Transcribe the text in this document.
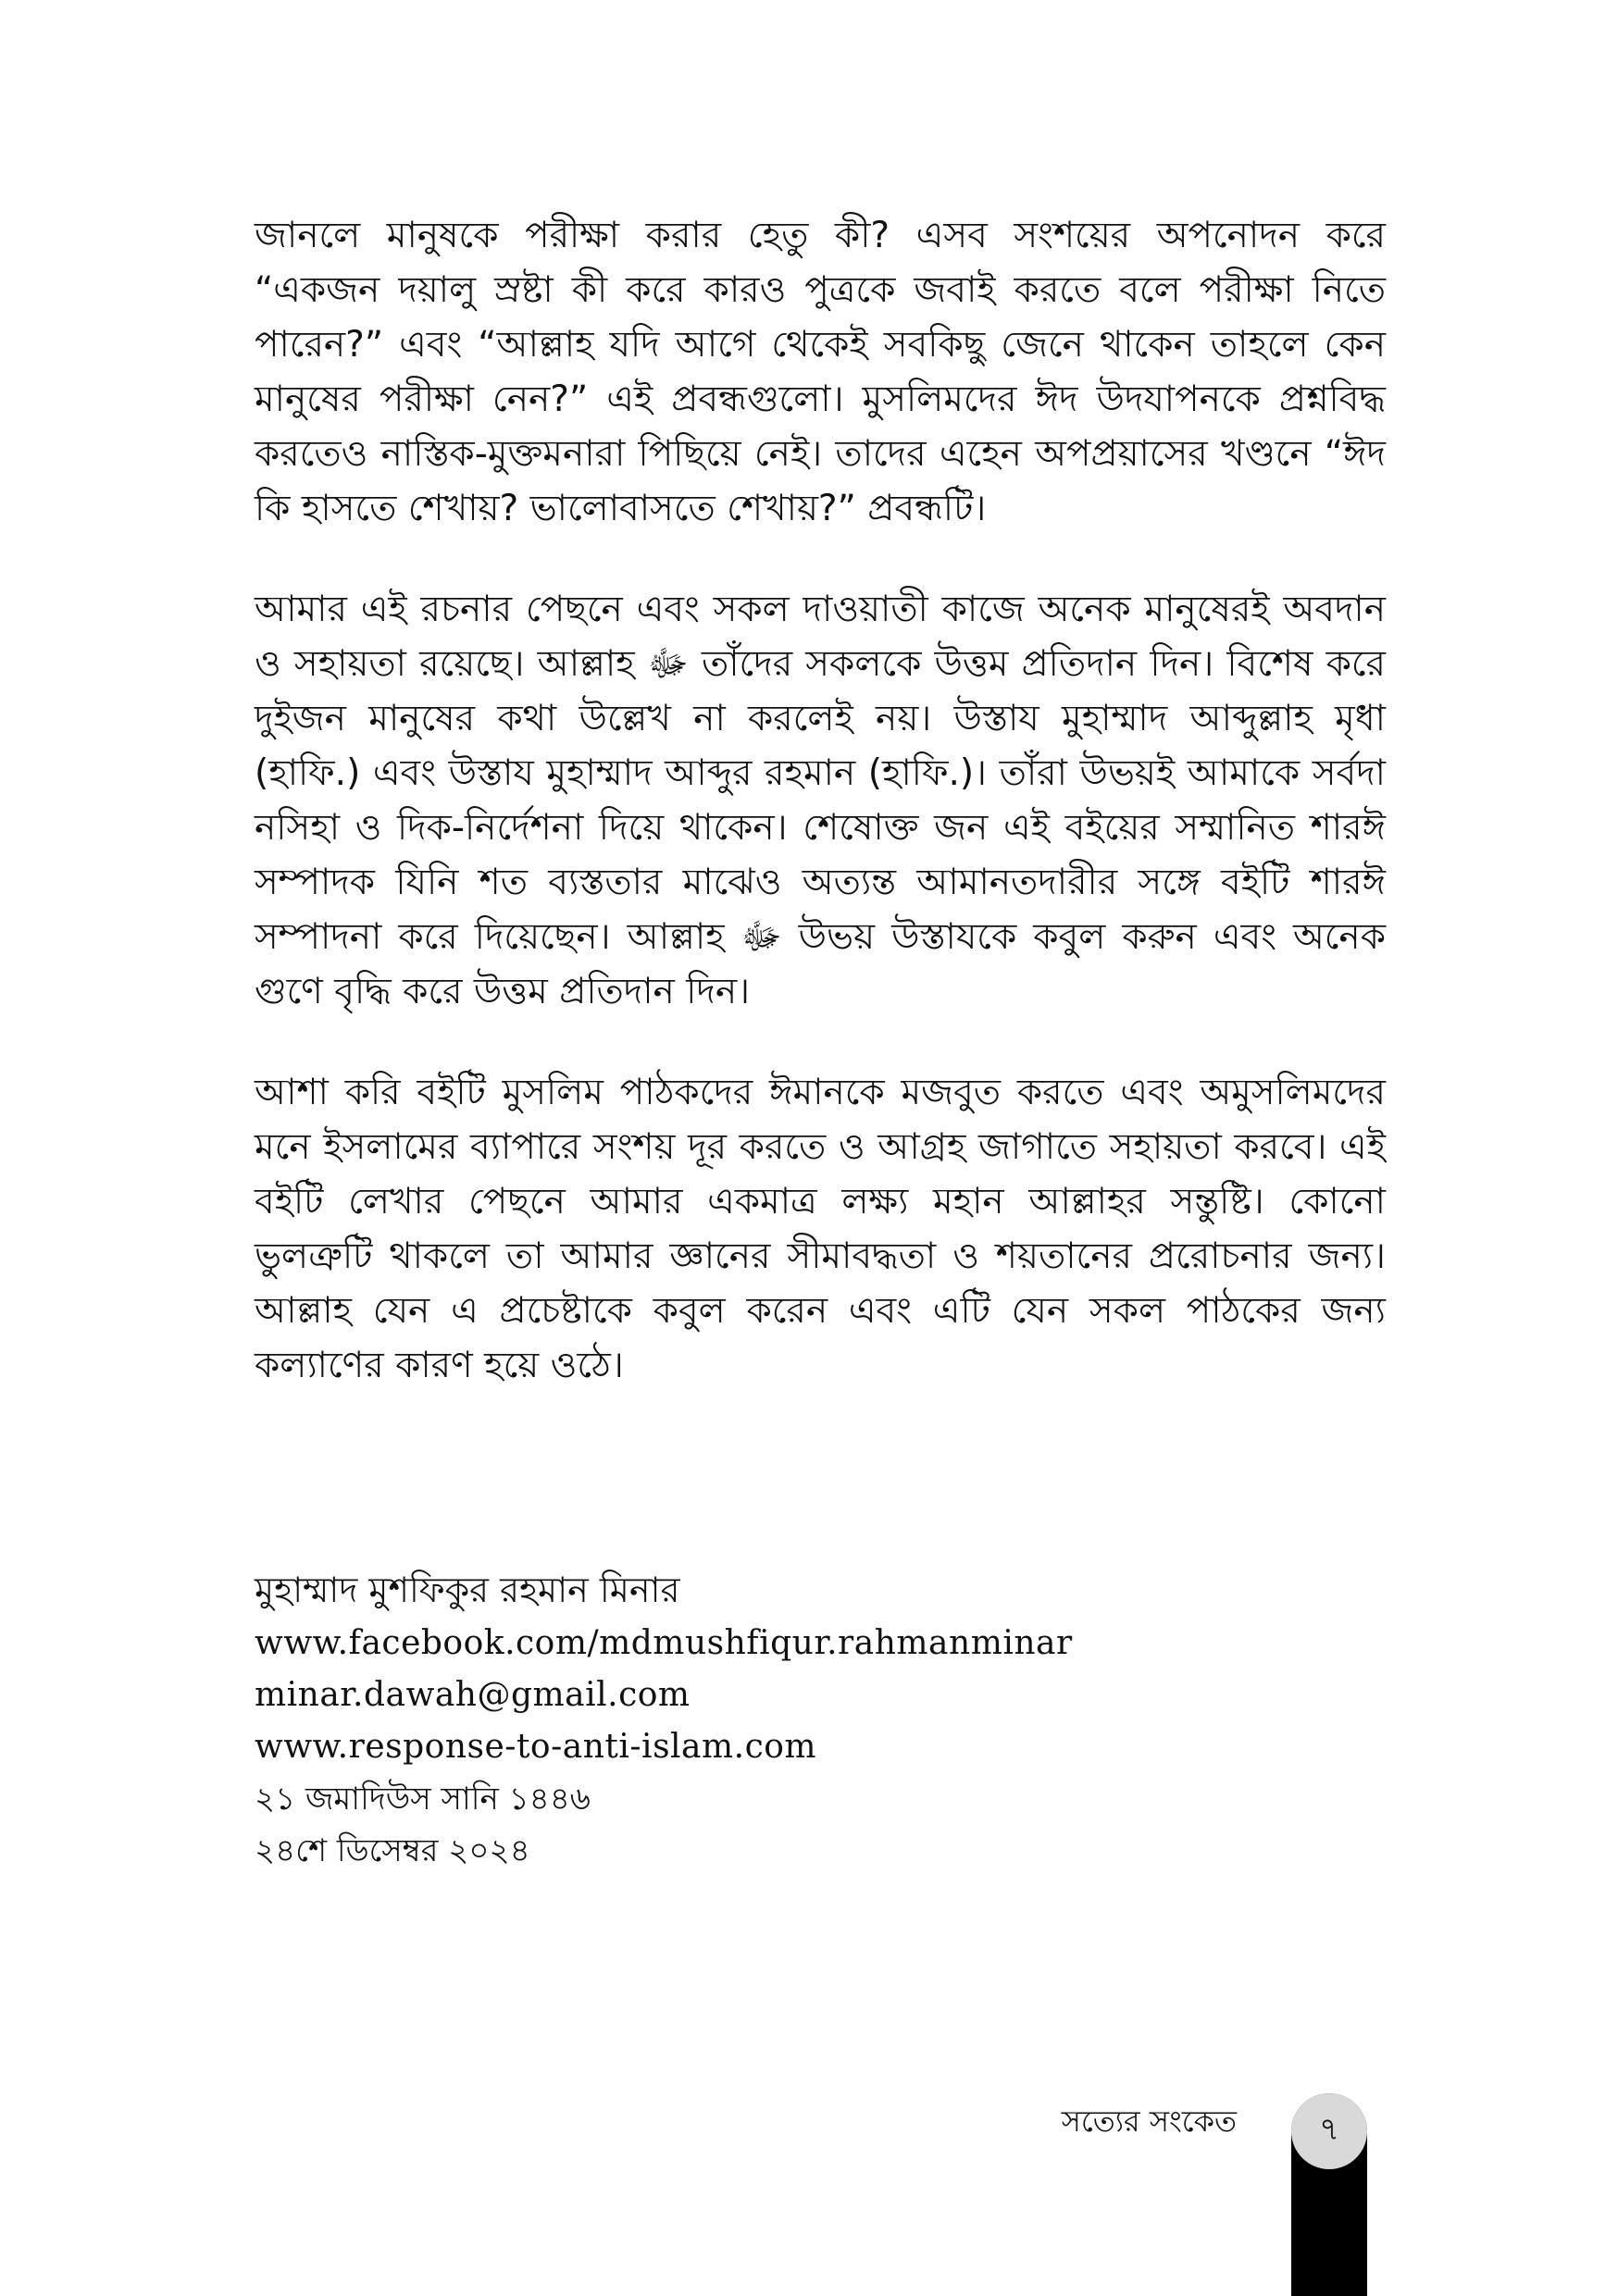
জানলে মানুষকে পরীক্ষা করার হেতু কী? এসব সংশয়ের অপনোদন করে “একজন দয়ালু স্রষ্টা কী করে কারও পুত্রকে জবাই করতে বলে পরীক্ষা নিতে পারেন?” এবং “আল্লাহ যদি আগে থেকেই সবকিছু জেনে থাকেন তাহলে কেন মানুষের পরীক্ষা নেন?” এই প্রবন্ধগুলো। মুসলিমদের ঈদ উদযাপনকে প্রশ্নবিদ্ধ করতেও নাস্তিক-মুক্তমনারা পিছিয়ে নেই। তাদের এহেন অপপ্রয়াসের খণ্ডনে “ঈদ কি হাসতে শেখায়? ভালোবাসতে শেখায়?” প্রবন্ধটি।

আমার এই রচনার পেছনে এবং সকল দাওয়াতী কাজে অনেক মানুষেরই অবদান ও সহায়তা রয়েছে। আল্লাহ ﷻ তাঁদের সকলকে উত্তম প্রতিদান দিন। বিশেষ করে দুইজন মানুষের কথা উল্লেখ না করলেই নয়। উস্তায মুহাম্মাদ আব্দুল্লাহ মৃধা (হাফি.) এবং উস্তায মুহাম্মাদ আব্দুর রহমান (হাফি.)। তাঁরা উভয়ই আমাকে সর্বদা নসিহা ও দিক-নির্দেশনা দিয়ে থাকেন। শেষোক্ত জন এই বইয়ের সম্মানিত শারঈ সম্পাদক যিনি শত ব্যস্ততার মাঝেও অত্যন্ত আমানতদারীর সঙ্গে বইটি শারঈ সম্পাদনা করে দিয়েছেন। আল্লাহ ﷻ উভয় উস্তাযকে কবুল করুন এবং অনেক গুণে বৃদ্ধি করে উত্তম প্রতিদান দিন।

আশা করি বইটি মুসলিম পাঠকদের ঈমানকে মজবুত করতে এবং অমুসলিমদের মনে ইসলামের ব্যাপারে সংশয় দূর করতে ও আগ্রহ জাগাতে সহায়তা করবে। এই বইটি লেখার পেছনে আমার একমাত্র লক্ষ্য মহান আল্লাহর সন্তুষ্টি। কোনো ভুলত্রুটি থাকলে তা আমার জ্ঞানের সীমাবদ্ধতা ও শয়তানের প্ররোচনার জন্য। আল্লাহ যেন এ প্রচেষ্টাকে কবুল করেন এবং এটি যেন সকল পাঠকের জন্য কল্যাণের কারণ হয়ে ওঠে।

মুহাম্মাদ মুশফিকুর রহমান মিনার

www.facebook.com/mdmushfiqur.rahmanminar

minar.dawah@gmail.com

www.response-to-anti-islam.com

২১ জমাদিউস সানি ১৪৪৬

২৪শে ডিসেম্বর ২০২৪

সত্যের সংকেত	৭
